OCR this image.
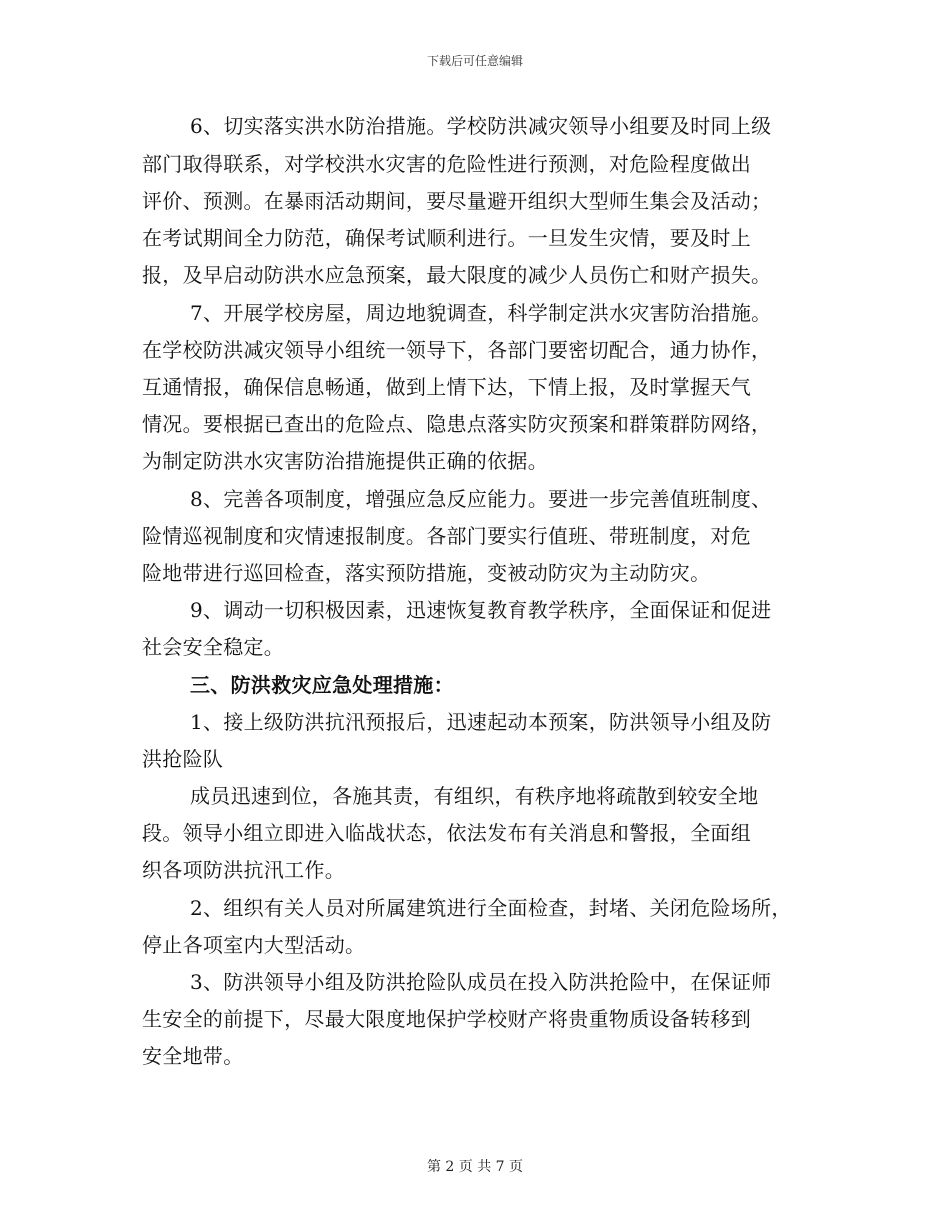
下载后可任意编辑
6、切实落实洪水防治措施。学校防洪减灾领导小组要及时同上级
部门取得联系，对学校洪水灾害的危险性进行预测，对危险程度做出
评价、预测。在暴雨活动期间，要尽量避开组织大型师生集会及活动；
在考试期间全力防范，确保考试顺利进行。一旦发生灾情，要及时上
报，及早启动防洪水应急预案，最大限度的减少人员伤亡和财产损失。
7、开展学校房屋，周边地貌调查，科学制定洪水灾害防治措施。
在学校防洪减灾领导小组统一领导下，各部门要密切配合，通力协作，
互通情报，确保信息畅通，做到上情下达，下情上报，及时掌握天气
情况。要根据已查出的危险点、隐患点落实防灾预案和群策群防网络，
为制定防洪水灾害防治措施提供正确的依据。
8、完善各项制度，增强应急反应能力。要进一步完善值班制度、
险情巡视制度和灾情速报制度。各部门要实行值班、带班制度，对危
险地带进行巡回检查，落实预防措施，变被动防灾为主动防灾。
9、调动一切积极因素，迅速恢复教育教学秩序，全面保证和促进
社会安全稳定。
三、防洪救灾应急处理措施：
1、接上级防洪抗汛预报后，迅速起动本预案，防洪领导小组及防
洪抢险队
成员迅速到位，各施其责，有组织，有秩序地将疏散到较安全地
段。领导小组立即进入临战状态，依法发布有关消息和警报，全面组
织各项防洪抗汛工作。
2、组织有关人员对所属建筑进行全面检查，封堵、关闭危险场所，
停止各项室内大型活动。
3、防洪领导小组及防洪抢险队成员在投入防洪抢险中，在保证师
生安全的前提下，尽最大限度地保护学校财产将贵重物质设备转移到
安全地带。
第 2 页 共 7 页
